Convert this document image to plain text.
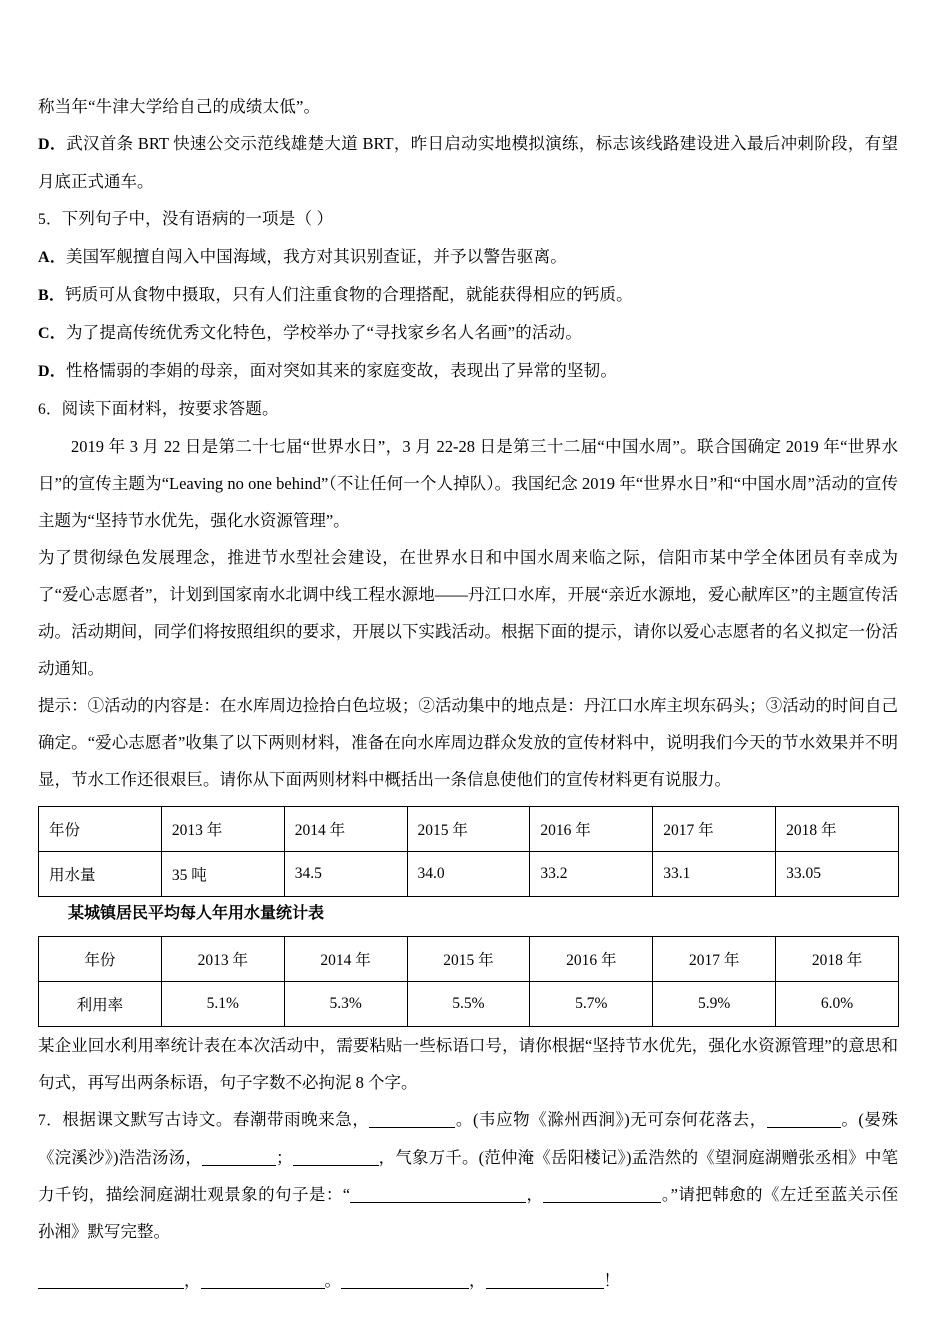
称当年“牛津大学给自己的成绩太低”。
D．武汉首条 BRT 快速公交示范线雄楚大道 BRT，昨日启动实地模拟演练，标志该线路建设进入最后冲刺阶段，有望月底正式通车。
5．下列句子中，没有语病的一项是（ ）
A．美国军舰擅自闯入中国海域，我方对其识别查证，并予以警告驱离。
B．钙质可从食物中摄取，只有人们注重食物的合理搭配，就能获得相应的钙质。
C．为了提高传统优秀文化特色，学校举办了“寻找家乡名人名画”的活动。
D．性格懦弱的李娟的母亲，面对突如其来的家庭变故，表现出了异常的坚韧。
6．阅读下面材料，按要求答题。
2019 年 3 月 22 日是第二十七届“世界水日”，3 月 22-28 日是第三十二届“中国水周”。联合国确定 2019 年“世界水日”的宣传主题为“Leaving no one behind”（不让任何一个人掉队）。我国纪念 2019 年“世界水日”和“中国水周”活动的宣传主题为“坚持节水优先，强化水资源管理”。
为了贯彻绿色发展理念，推进节水型社会建设，在世界水日和中国水周来临之际，信阳市某中学全体团员有幸成为了“爱心志愿者”，计划到国家南水北调中线工程水源地——丹江口水库，开展“亲近水源地，爱心献库区”的主题宣传活动。活动期间，同学们将按照组织的要求，开展以下实践活动。根据下面的提示，请你以爱心志愿者的名义拟定一份活动通知。
提示：①活动的内容是：在水库周边捡拾白色垃圾；②活动集中的地点是：丹江口水库主坝东码头；③活动的时间自己确定。“爱心志愿者”收集了以下两则材料，准备在向水库周边群众发放的宣传材料中，说明我们今天的节水效果并不明显，节水工作还很艰巨。请你从下面两则材料中概括出一条信息使他们的宣传材料更有说服力。
年份	2013 年	2014 年	2015 年	2016 年	2017 年	2018 年
用水量	35 吨	34.5	34.0	33.2	33.1	33.05
某城镇居民平均每人年用水量统计表
年份	2013 年	2014 年	2015 年	2016 年	2017 年	2018 年
利用率	5.1%	5.3%	5.5%	5.7%	5.9%	6.0%
某企业回水利用率统计表在本次活动中，需要粘贴一些标语口号，请你根据“坚持节水优先，强化水资源管理”的意思和句式，再写出两条标语，句子字数不必拘泥 8 个字。
7．根据课文默写古诗文。春潮带雨晚来急，	。(韦应物《滁州西涧》)无可奈何花落去，	。(晏殊《浣溪沙》)浩浩汤汤，	；	，气象万千。(范仲淹《岳阳楼记》)孟浩然的《望洞庭湖赠张丞相》中笔力千钧，描绘洞庭湖壮观景象的句子是：“	，	。”请把韩愈的《左迁至蓝关示侄孙湘》默写完整。
，	。	，	！
